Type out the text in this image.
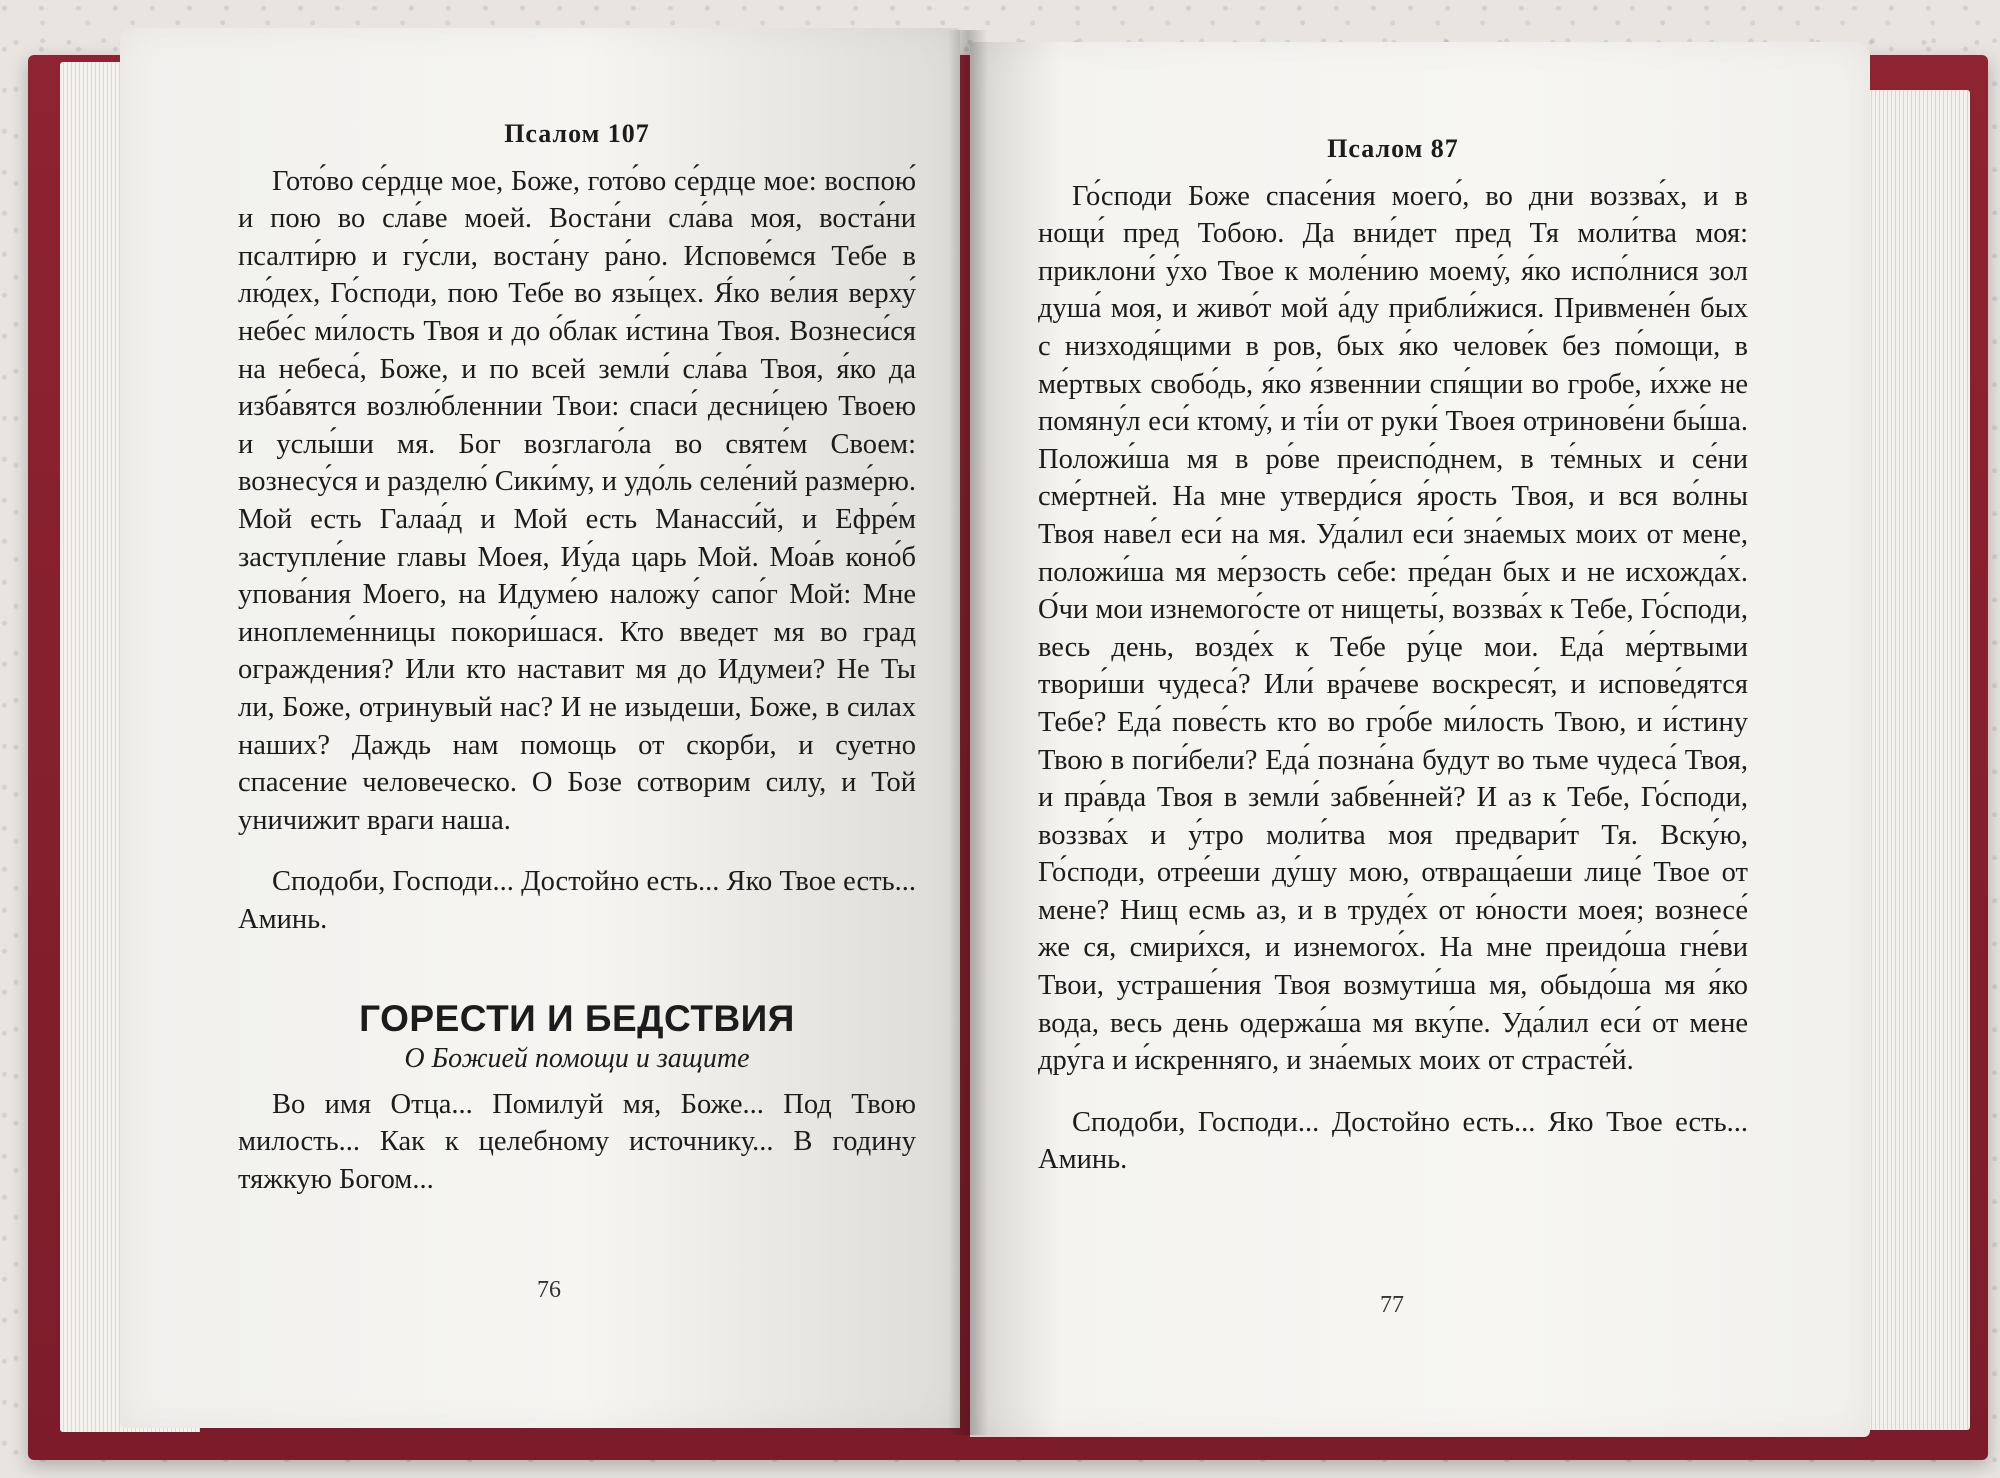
Псалом 107

Гото́во се́рдце мое, Боже, гото́во се́рдце мое: воспою́ и пою во сла́ве моей. Воста́ни сла́ва моя, воста́ни псалти́рю и гу́сли, воста́ну ра́но. Испове́мся Тебе в лю́дех, Го́споди, пою Тебе во язы́цех. Я́ко ве́лия верху́ небе́с ми́лость Твоя и до о́блак и́стина Твоя. Вознеси́ся на небеса́, Боже, и по всей земли́ сла́ва Твоя, я́ко да изба́вятся возлю́бленнии Твои: спаси́ десни́цею Твоею и услы́ши мя. Бог возглаго́ла во святе́м Своем: вознесу́ся и разделю́ Сики́му, и удо́ль селе́ний разме́рю. Мой есть Галаа́д и Мой есть Манасси́й, и Ефре́м заступле́ние главы Моея, Иу́да царь Мой. Моа́в коно́б упова́ния Моего, на Идуме́ю наложу́ сапо́г Мой: Мне иноплеме́нницы покори́шася. Кто введет мя во град ограждения? Или кто наставит мя до Идумеи? Не Ты ли, Боже, отринувый нас? И не изыдеши, Боже, в силах наших? Даждь нам помощь от скорби, и суетно спасение человеческо. О Бозе сотворим силу, и Той уничижит враги наша.

Сподоби, Господи... Достойно есть... Яко Твое есть... Аминь.

ГОРЕСТИ И БЕДСТВИЯ
О Божией помощи и защите

Во имя Отца... Помилуй мя, Боже... Под Твою милость... Как к целебному источнику... В годину тяжкую Богом...

76
Псалом 87

Го́споди Боже спасе́ния моего́, во дни воззва́х, и в нощи́ пред Тобою. Да вни́дет пред Тя моли́тва моя: приклони́ у́хо Твое к моле́нию моему́, я́ко испо́лнися зол душа́ моя, и живо́т мой а́ду прибли́жися. Привмене́н бых с низходя́щими в ров, бых я́ко челове́к без по́мощи, в ме́ртвых свобо́дь, я́ко я́звеннии спя́щии во гробе, и́хже не помяну́л еси́ ктому́, и ті́и от руки́ Твоея отринове́ни бы́ша. Положи́ша мя в ро́ве преиспо́днем, в те́мных и се́ни сме́ртней. На мне утверди́ся я́рость Твоя, и вся во́лны Твоя наве́л еси́ на мя. Уда́лил еси́ зна́емых моих от мене, положи́ша мя ме́рзость себе: пре́дан бых и не исхожда́х. О́чи мои изнемого́сте от нищеты́, воззва́х к Тебе, Го́споди, весь день, возде́х к Тебе ру́це мои. Еда́ ме́ртвыми твори́ши чудеса́? Или́ вра́чеве воскреся́т, и испове́дятся Тебе? Еда́ пове́сть кто во гро́бе ми́лость Твою, и и́стину Твою в поги́бели? Еда́ позна́на будут во тьме чудеса́ Твоя, и пра́вда Твоя в земли́ забве́нней? И аз к Тебе, Го́споди, воззва́х и у́тро моли́тва моя предвари́т Тя. Вску́ю, Го́споди, отре́еши ду́шу мою, отвраща́еши лице́ Твое от мене? Нищ есмь аз, и в труде́х от ю́ности моея; вознесе́ же ся, смири́хся, и изнемого́х. На мне преидо́ша гне́ви Твои, устраше́ния Твоя возмути́ша мя, обыдо́ша мя я́ко вода, весь день одержа́ша мя вку́пе. Уда́лил еси́ от мене дру́га и и́скренняго, и зна́емых моих от страсте́й.

Сподоби, Господи... Достойно есть... Яко Твое есть... Аминь.

77
